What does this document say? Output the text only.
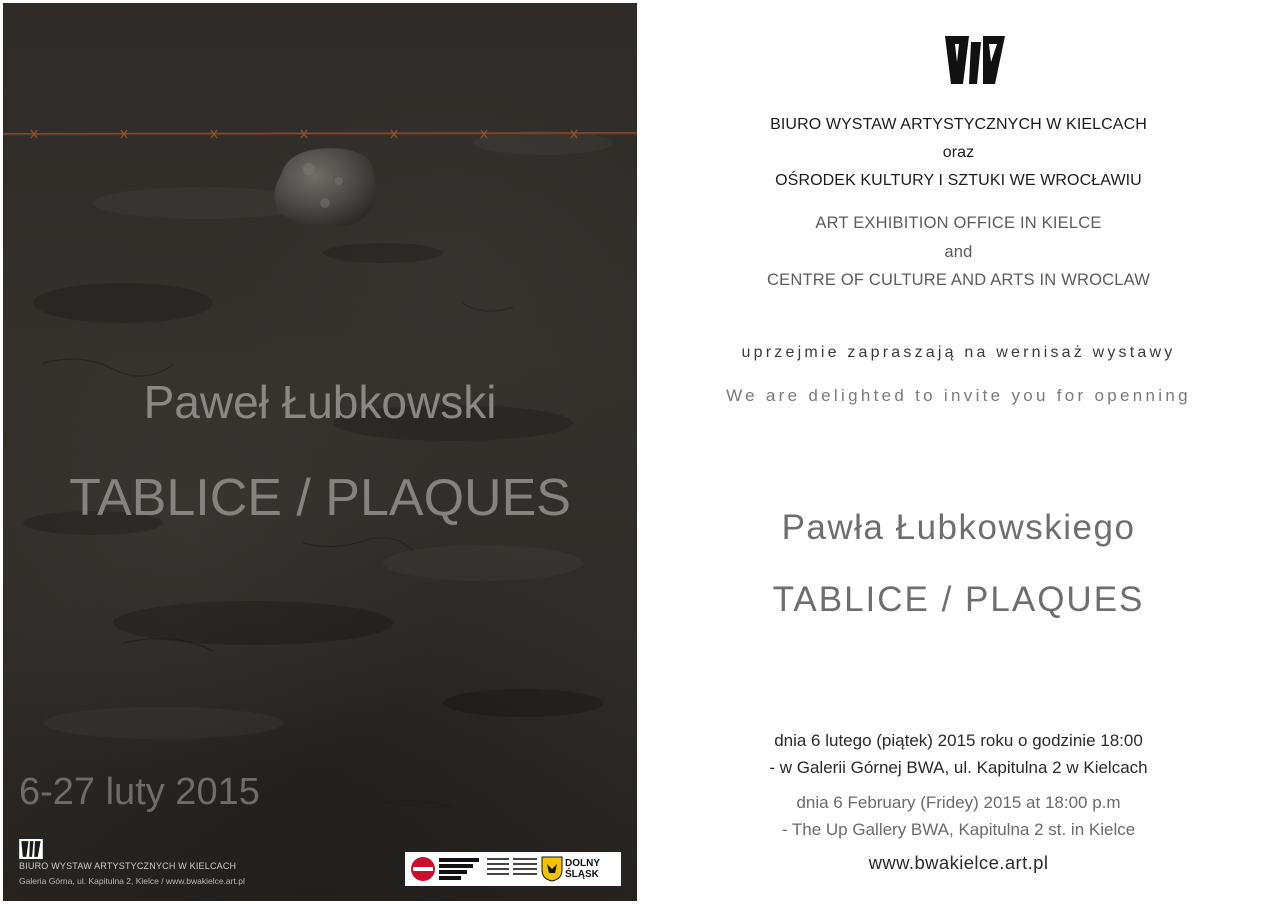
Paweł Łubkowski
TABLICE / PLAQUES
6-27 luty 2015
BIURO WYSTAW ARTYSTYCZNYCH W KIELCACH
Galeria Górna, ul. Kapitulna 2, Kielce / www.bwakielce.art.pl
DOLNY ŚLĄSK
BIURO WYSTAW ARTYSTYCZNYCH W KIELCACH
oraz
OŚRODEK KULTURY I SZTUKI WE WROCŁAWIU
ART EXHIBITION OFFICE IN KIELCE
and
CENTRE OF CULTURE AND ARTS IN WROCLAW
uprzejmie zapraszają na wernisaż wystawy
We are delighted to invite you for openning
Pawła Łubkowskiego
TABLICE / PLAQUES
dnia 6 lutego (piątek) 2015 roku o godzinie 18:00
- w Galerii Górnej BWA, ul. Kapitulna 2 w Kielcach
dnia 6 February (Fridey) 2015 at 18:00 p.m
- The Up Gallery BWA, Kapitulna 2 st. in Kielce
www.bwakielce.art.pl
